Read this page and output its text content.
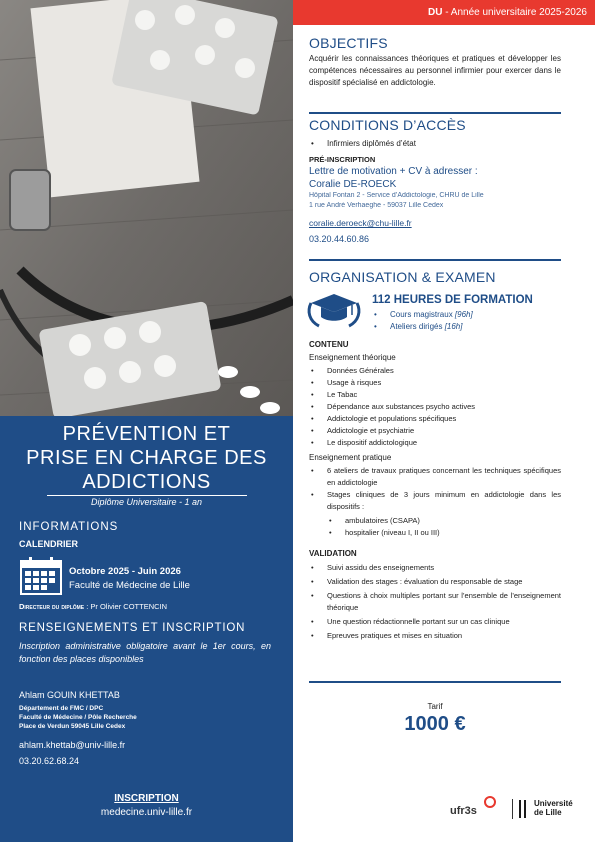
PRÉVENTION ET
PRISE EN CHARGE DES
ADDICTIONS
Diplôme Universitaire - 1 an
INFORMATIONS
CALENDRIER
Octobre 2025 - Juin 2026
Faculté de Médecine de Lille
Directeur du diplôme : Pr Olivier COTTENCIN
RENSEIGNEMENTS ET INSCRIPTION
Inscription administrative obligatoire avant le 1er cours, en fonction des places disponibles
Ahlam GOUIN KHETTAB
Département de FMC / DPC
Faculté de Médecine / Pôle Recherche
Place de Verdun 59045 Lille Cedex
ahlam.khettab@univ-lille.fr
03.20.62.68.24
INSCRIPTION
medecine.univ-lille.fr
DU - Année universitaire 2025-2026
OBJECTIFS
Acquérir les connaissances théoriques et pratiques et développer les compétences nécessaires au personnel infirmier pour exercer dans le dispositif spécialisé en addictologie.
CONDITIONS D’ACCÈS
• Infirmiers diplômés d’état
PRÉ-INSCRIPTION
Lettre de motivation + CV à adresser :
Coralie DE-ROECK
Hôpital Fontan 2 - Service d’Addictologie, CHRU de Lille
1 rue André Verhaeghe - 59037 Lille Cedex
coralie.deroeck@chu-lille.fr
03.20.44.60.86
ORGANISATION & EXAMEN
112 HEURES DE FORMATION
• Cours magistraux [96h]
• Ateliers dirigés [16h]
CONTENU
Enseignement théorique
• Données Générales
• Usage à risques
• Le Tabac
• Dépendance aux substances psycho actives
• Addictologie et populations spécifiques
• Addictologie et psychiatrie
• Le dispositif addictologique
Enseignement pratique
• 6 ateliers de travaux pratiques concernant les techniques spécifiques en addictologie
• Stages cliniques de 3 jours minimum en addictologie dans les dispositifs :
• ambulatoires (CSAPA)
• hospitalier (niveau I, II ou III)
VALIDATION
• Suivi assidu des enseignements
• Validation des stages : évaluation du responsable de stage
• Questions à choix multiples portant sur l’ensemble de l’enseignement théorique
• Une question rédactionnelle portant sur un cas clinique
• Epreuves pratiques et mises en situation
Tarif
1000 €
ufr3s
Université
de Lille
